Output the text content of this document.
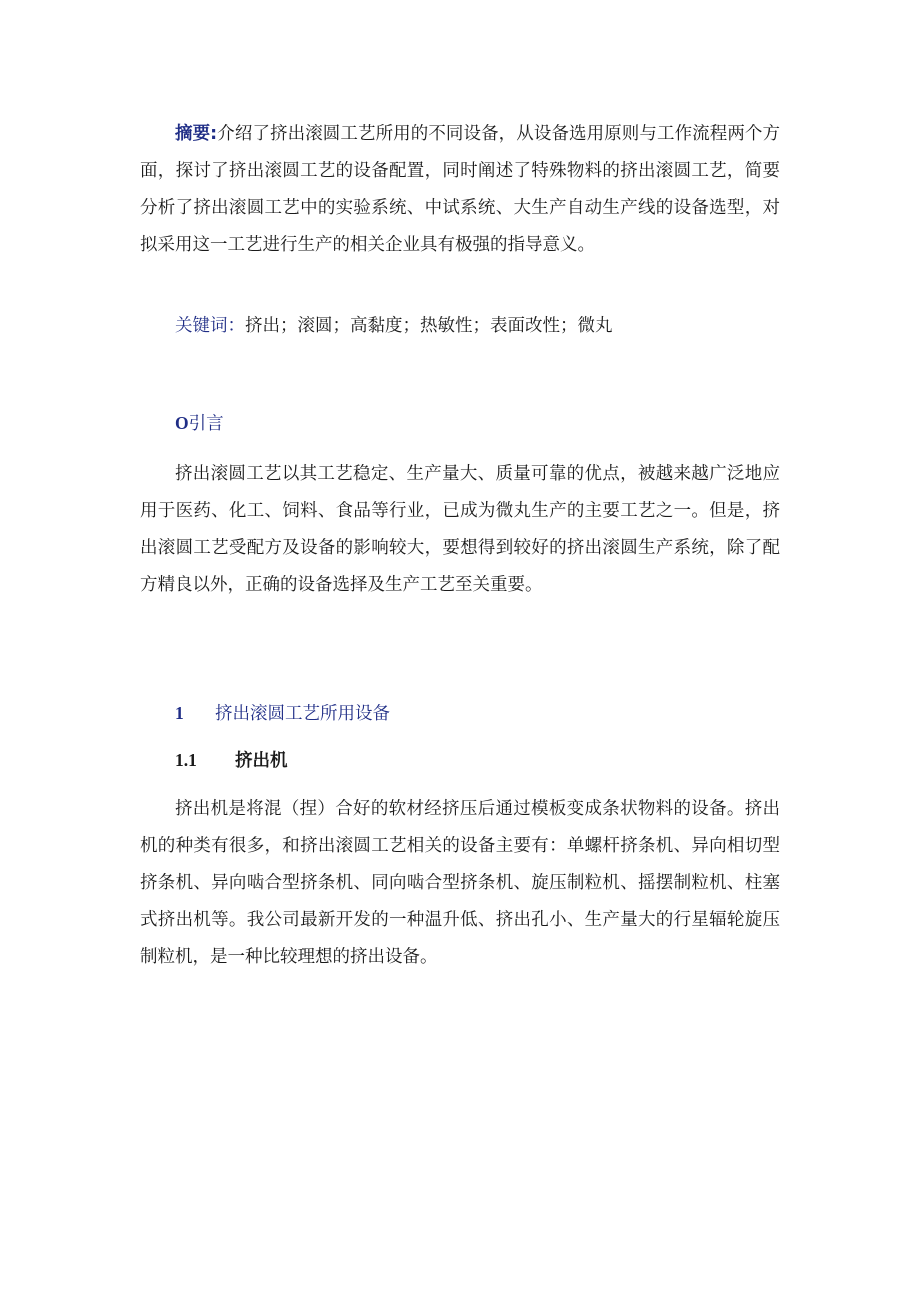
摘要:介绍了挤出滚圆工艺所用的不同设备，从设备选用原则与工作流程两个方面，探讨了挤出滚圆工艺的设备配置，同时阐述了特殊物料的挤出滚圆工艺，简要分析了挤出滚圆工艺中的实验系统、中试系统、大生产自动生产线的设备选型，对拟采用这一工艺进行生产的相关企业具有极强的指导意义。

关键词：挤出；滚圆；高黏度；热敏性；表面改性；微丸

O引言

挤出滚圆工艺以其工艺稳定、生产量大、质量可靠的优点，被越来越广泛地应用于医药、化工、饲料、食品等行业，已成为微丸生产的主要工艺之一。但是，挤出滚圆工艺受配方及设备的影响较大，要想得到较好的挤出滚圆生产系统，除了配方精良以外，正确的设备选择及生产工艺至关重要。

1 挤出滚圆工艺所用设备
1.1 挤出机

挤出机是将混（捏）合好的软材经挤压后通过模板变成条状物料的设备。挤出机的种类有很多，和挤出滚圆工艺相关的设备主要有：单螺杆挤条机、异向相切型挤条机、异向啮合型挤条机、同向啮合型挤条机、旋压制粒机、摇摆制粒机、柱塞式挤出机等。我公司最新开发的一种温升低、挤出孔小、生产量大的行星辐轮旋压制粒机，是一种比较理想的挤出设备。
